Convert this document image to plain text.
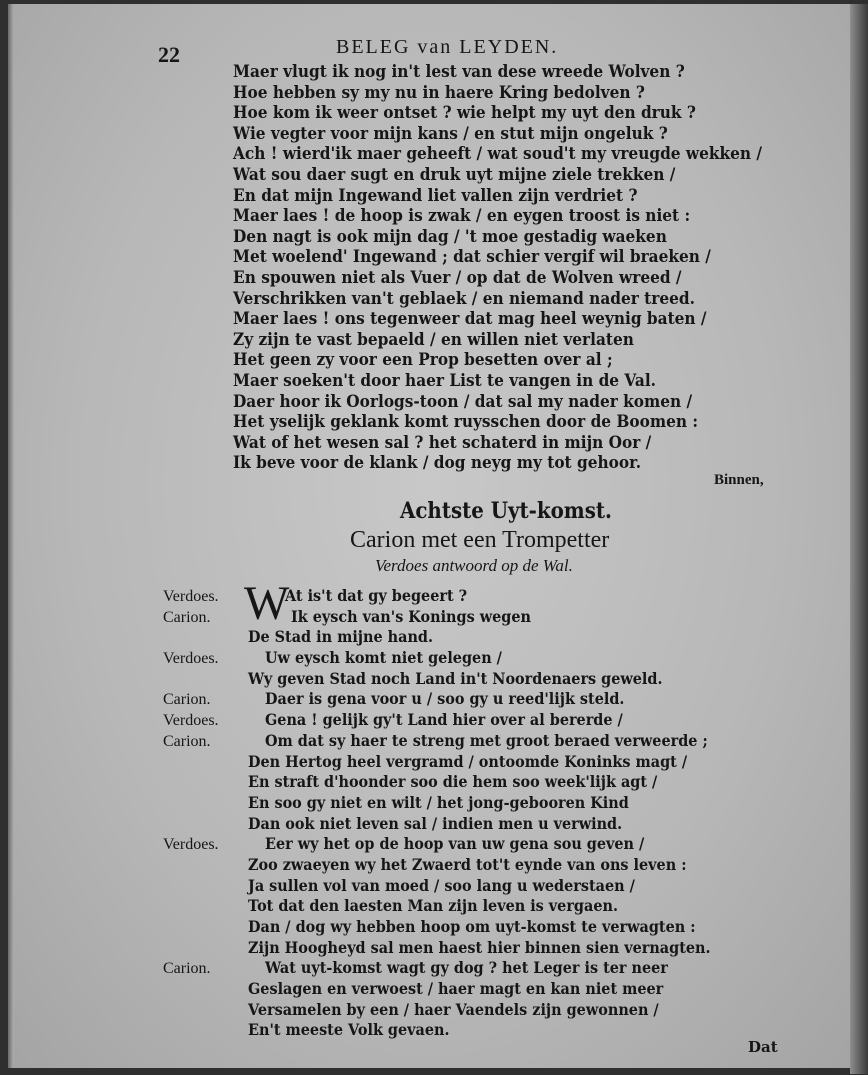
22	BELEG van LEYDEN.
Maer vlugt ik nog in't lest van dese wreede Wolven ?
Hoe hebben sy my nu in haere Kring bedolven ?
Hoe kom ik weer ontset ? wie helpt my uyt den druk ?
Wie vegter voor mijn kans / en stut mijn ongeluk ?
Ach ! wierd'ik maer geheeft / wat soud't my vreugde wekken /
Wat sou daer sugt en druk uyt mijne ziele trekken /
En dat mijn Ingewand liet vallen zijn verdriet ?
Maer laes ! de hoop is zwak / en eygen troost is niet :
Den nagt is ook mijn dag / 't moe gestadig waeken
Met woelend' Ingewand ; dat schier vergif wil braeken /
En spouwen niet als Vuer / op dat de Wolven wreed /
Verschrikken van't geblaek / en niemand nader treed.
Maer laes ! ons tegenweer dat mag heel weynig baten /
Zy zijn te vast bepaeld / en willen niet verlaten
Het geen zy voor een Prop besetten over al ;
Maer soeken't door haer List te vangen in de Val.
Daer hoor ik Oorlogs-toon / dat sal my nader komen /
Het yselijk geklank komt ruysschen door de Boomen :
Wat of het wesen sal ? het schaterd in mijn Oor /
Ik beve voor de klank / dog neyg my tot gehoor.
Binnen,
Achtste Uyt-komst.
Carion met een Trompetter
Verdoes antwoord op de Wal.
W
Verdoes.	At is't dat gy begeert ?
Carion.	Ik eysch van's Konings wegen
De Stad in mijne hand.
Verdoes.	Uw eysch komt niet gelegen /
Wy geven Stad noch Land in't Noordenaers geweld.
Carion.	Daer is gena voor u / soo gy u reed'lijk steld.
Verdoes.	Gena ! gelijk gy't Land hier over al bererde /
Carion.	Om dat sy haer te streng met groot beraed verweerde ;
Den Hertog heel vergramd / ontoomde Koninks magt /
En straft d'hoonder soo die hem soo week'lijk agt /
En soo gy niet en wilt / het jong-gebooren Kind
Dan ook niet leven sal / indien men u verwind.
Verdoes.	Eer wy het op de hoop van uw gena sou geven /
Zoo zwaeyen wy het Zwaerd tot't eynde van ons leven :
Ja sullen vol van moed / soo lang u wederstaen /
Tot dat den laesten Man zijn leven is vergaen.
Dan / dog wy hebben hoop om uyt-komst te verwagten :
Zijn Hoogheyd sal men haest hier binnen sien vernagten.
Carion.	Wat uyt-komst wagt gy dog ? het Leger is ter neer
Geslagen en verwoest / haer magt en kan niet meer
Versamelen by een / haer Vaendels zijn gewonnen /
En't meeste Volk gevaen.
Dat
